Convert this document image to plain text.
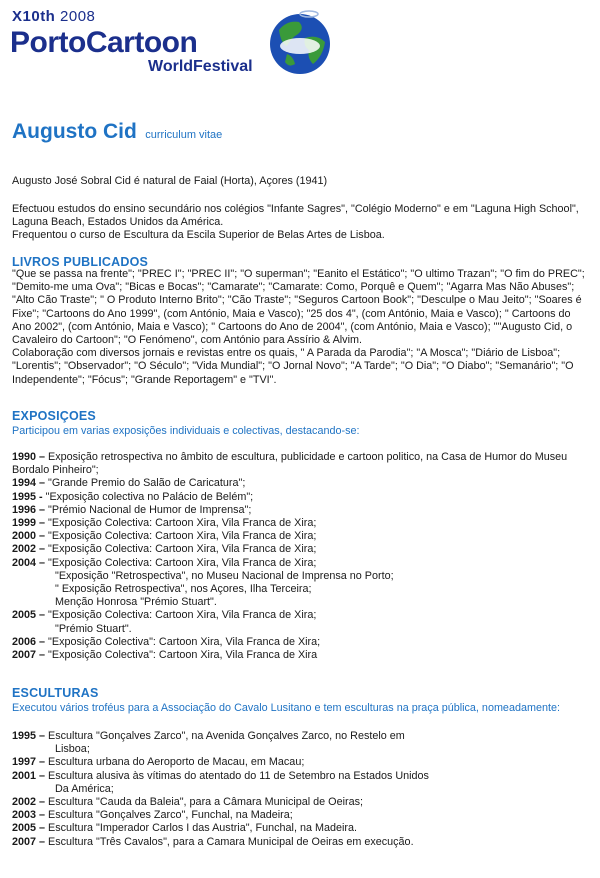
X10th 2008
PortoCartoon
WorldFestival
Augusto Cid curriculum vitae
Augusto José Sobral Cid é natural de Faial (Horta), Açores (1941)
Efectuou estudos do ensino secundário nos colégios "Infante Sagres", "Colégio Moderno" e em "Laguna High School", Laguna Beach, Estados Unidos da América.
Frequentou o curso de Escultura da Escila Superior de Belas Artes de Lisboa.
LIVROS PUBLICADOS
"Que se passa na frente"; "PREC I"; "PREC II"; "O superman"; "Eanito el Estático"; "O ultimo Trazan"; "O fim do PREC"; "Demito-me uma Ova"; "Bicas e Bocas"; "Camarate"; "Camarate: Como, Porquê e Quem"; "Agarra Mas Não Abuses"; "Alto Cão Traste"; " O Produto Interno Brito"; "Cão Traste"; "Seguros Cartoon Book"; "Desculpe o Mau Jeito"; "Soares é Fixe"; "Cartoons do Ano 1999", (com António, Maia e Vasco); "25 dos 4", (com António, Maia e Vasco); " Cartoons do Ano 2002", (com António, Maia e Vasco); " Cartoons do Ano de 2004", (com António, Maia e Vasco); ""Augusto Cid, o Cavaleiro do Cartoon"; "O Fenómeno", com António para Assírio & Alvim.
Colaboração com diversos jornais e revistas entre os quais, " A Parada da Parodia"; "A Mosca"; "Diário de Lisboa"; "Lorentis"; "Observador"; "O Século"; "Vida Mundial"; "O Jornal Novo"; "A Tarde"; "O Dia"; "O Diabo"; "Semanário"; "O Independente"; "Fócus"; "Grande Reportagem" e "TVI".
EXPOSIÇOES
Participou em varias exposições individuais e colectivas, destacando-se:
1990 – Exposição retrospectiva no âmbito de escultura, publicidade e cartoon politico, na Casa de Humor do Museu Bordalo Pinheiro";
1994 – "Grande Premio do Salão de Caricatura";
1995 - "Exposição colectiva no Palácio de Belém";
1996 – "Prémio Nacional de Humor de Imprensa";
1999 – "Exposição Colectiva: Cartoon Xira, Vila Franca de Xira;
2000 – "Exposição Colectiva: Cartoon Xira, Vila Franca de Xira;
2002 – "Exposição Colectiva: Cartoon Xira, Vila Franca de Xira;
2004 – "Exposição Colectiva: Cartoon Xira, Vila Franca de Xira;
"Exposição "Retrospectiva", no Museu Nacional de Imprensa no Porto;
" Exposição Retrospectiva", nos Açores, Ilha Terceira;
Menção Honrosa "Prémio Stuart".
2005 – "Exposição Colectiva: Cartoon Xira, Vila Franca de Xira;
"Prémio Stuart".
2006 – "Exposição Colectiva": Cartoon Xira, Vila Franca de Xira;
2007 – "Exposição Colectiva": Cartoon Xira, Vila Franca de Xira
ESCULTURAS
Executou vários troféus para a Associação do Cavalo Lusitano e tem esculturas na praça pública, nomeadamente:
1995 – Escultura "Gonçalves Zarco", na Avenida Gonçalves Zarco, no Restelo em
Lisboa;
1997 – Escultura urbana do Aeroporto de Macau, em Macau;
2001 – Escultura alusiva às vítimas do atentado do 11 de Setembro na Estados Unidos
Da América;
2002 – Escultura "Cauda da Baleia", para a Câmara Municipal de Oeiras;
2003 – Escultura "Gonçalves Zarco", Funchal, na Madeira;
2005 – Escultura "Imperador Carlos I das Austria", Funchal, na Madeira.
2007 – Escultura "Três Cavalos", para a Camara Municipal de Oeiras em execução.
